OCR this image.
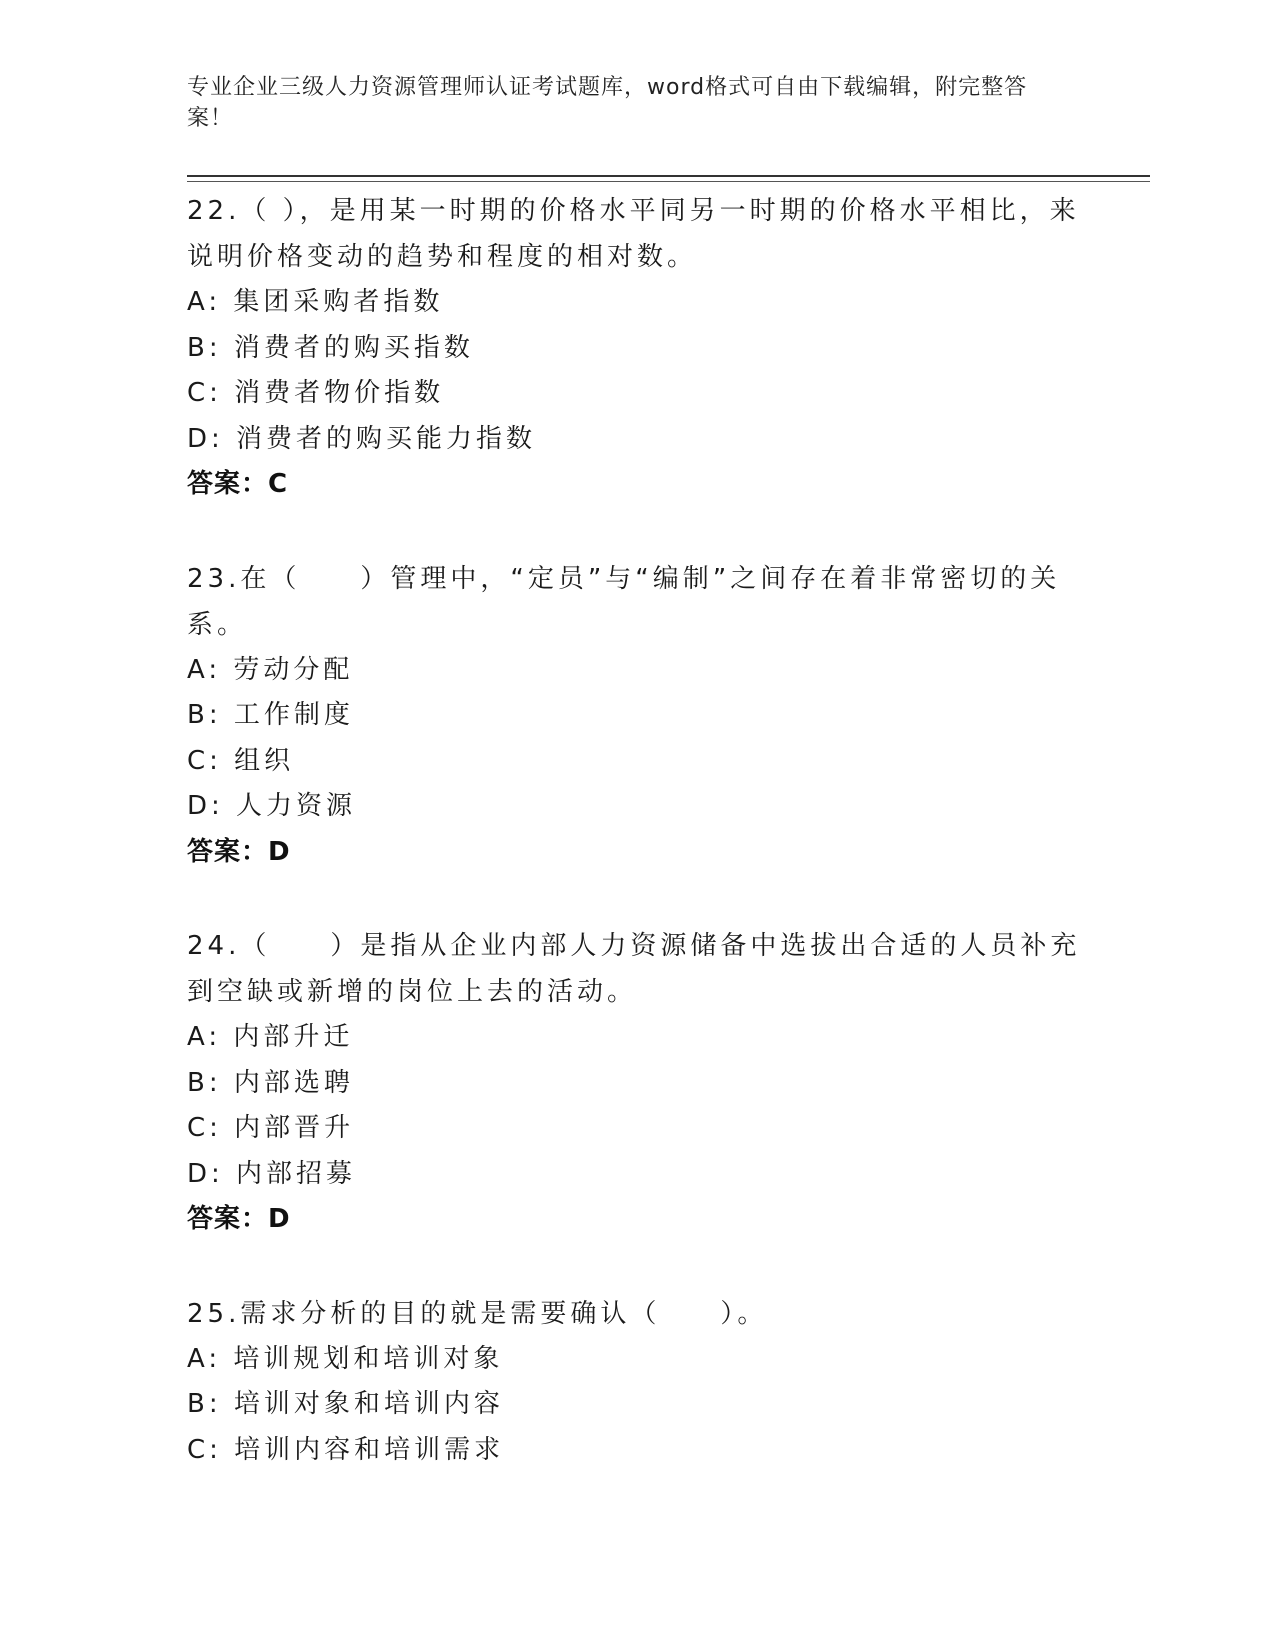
专业企业三级人力资源管理师认证考试题库，word格式可自由下载编辑，附完整答案！

22.（ ），是用某一时期的价格水平同另一时期的价格水平相比，来说明价格变动的趋势和程度的相对数。

A: 集团采购者指数

B: 消费者的购买指数

C: 消费者物价指数

D: 消费者的购买能力指数

答案：C

23.在（　　）管理中，“定员”与“编制”之间存在着非常密切的关系。

A: 劳动分配

B: 工作制度

C: 组织

D: 人力资源

答案：D

24.（　　）是指从企业内部人力资源储备中选拔出合适的人员补充到空缺或新增的岗位上去的活动。

A: 内部升迁

B: 内部选聘

C: 内部晋升

D: 内部招募

答案：D

25.需求分析的目的就是需要确认（　　）。

A: 培训规划和培训对象

B: 培训对象和培训内容

C: 培训内容和培训需求
